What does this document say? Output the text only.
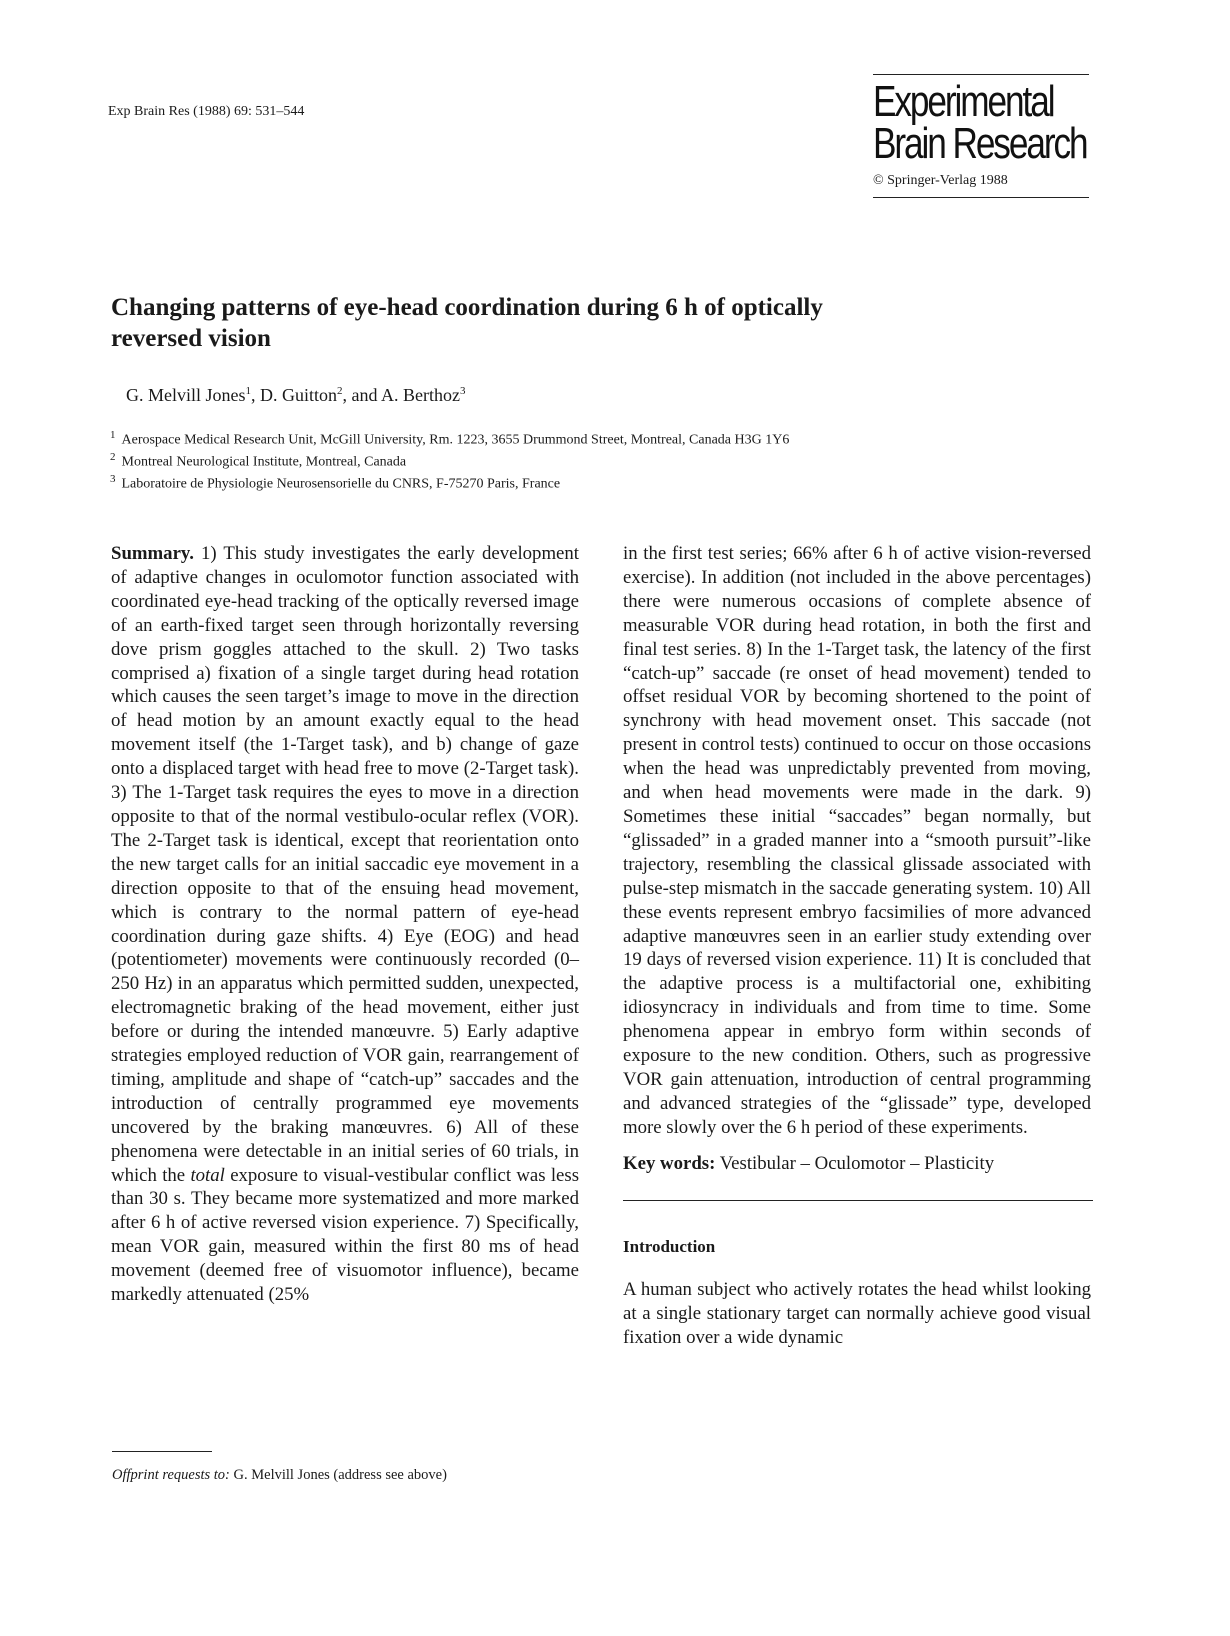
Exp Brain Res (1988) 69: 531–544	Experimental
Brain Research
© Springer-Verlag 1988
Changing patterns of eye-head coordination during 6 h of optically reversed vision
G. Melvill Jones$^1$, D. Guitton$^2$, and A. Berthoz$^3$
$^1$ Aerospace Medical Research Unit, McGill University, Rm. 1223, 3655 Drummond Street, Montreal, Canada H3G 1Y6
$^2$ Montreal Neurological Institute, Montreal, Canada
$^3$ Laboratoire de Physiologie Neurosensorielle du CNRS, F-75270 Paris, France

Summary. 1) This study investigates the early development of adaptive changes in oculomotor function associated with coordinated eye-head tracking of the optically reversed image of an earth-fixed target seen through horizontally reversing dove prism goggles attached to the skull. 2) Two tasks comprised a) fixation of a single target during head rotation which causes the seen target’s image to move in the direction of head motion by an amount exactly equal to the head movement itself (the 1-Target task), and b) change of gaze onto a displaced target with head free to move (2-Target task). 3) The 1-Target task requires the eyes to move in a direction opposite to that of the normal vestibulo-ocular reflex (VOR). The 2-Target task is identical, except that reorientation onto the new target calls for an initial saccadic eye movement in a direction opposite to that of the ensuing head movement, which is contrary to the normal pattern of eye-head coordination during gaze shifts. 4) Eye (EOG) and head (potentiometer) movements were continuously recorded (0–250 Hz) in an apparatus which permitted sudden, unexpected, electromagnetic braking of the head movement, either just before or during the intended manœuvre. 5) Early adaptive strategies employed reduction of VOR gain, rearrangement of timing, amplitude and shape of “catch-up” saccades and the introduction of centrally programmed eye movements uncovered by the braking manœuvres. 6) All of these phenomena were detectable in an initial series of 60 trials, in which the total exposure to visual-vestibular conflict was less than 30 s. They became more systematized and more marked after 6 h of active reversed vision experience. 7) Specifically, mean VOR gain, measured within the first 80 ms of head movement (deemed free of visuomotor influence), became markedly attenuated (25%

in the first test series; 66% after 6 h of active vision-reversed exercise). In addition (not included in the above percentages) there were numerous occasions of complete absence of measurable VOR during head rotation, in both the first and final test series. 8) In the 1-Target task, the latency of the first “catch-up” saccade (re onset of head movement) tended to offset residual VOR by becoming shortened to the point of synchrony with head movement onset. This saccade (not present in control tests) continued to occur on those occasions when the head was unpredictably prevented from moving, and when head movements were made in the dark. 9) Sometimes these initial “saccades” began normally, but “glissaded” in a graded manner into a “smooth pursuit”-like trajectory, resembling the classical glissade associated with pulse-step mismatch in the saccade generating system. 10) All these events represent embryo facsimilies of more advanced adaptive manœuvres seen in an earlier study extending over 19 days of reversed vision experience. 11) It is concluded that the adaptive process is a multifactorial one, exhibiting idiosyncracy in individuals and from time to time. Some phenomena appear in embryo form within seconds of exposure to the new condition. Others, such as progressive VOR gain attenuation, introduction of central programming and advanced strategies of the “glissade” type, developed more slowly over the 6 h period of these experiments.

Key words: Vestibular – Oculomotor – Plasticity

Introduction

A human subject who actively rotates the head whilst looking at a single stationary target can normally achieve good visual fixation over a wide dynamic

Offprint requests to: G. Melvill Jones (address see above)
